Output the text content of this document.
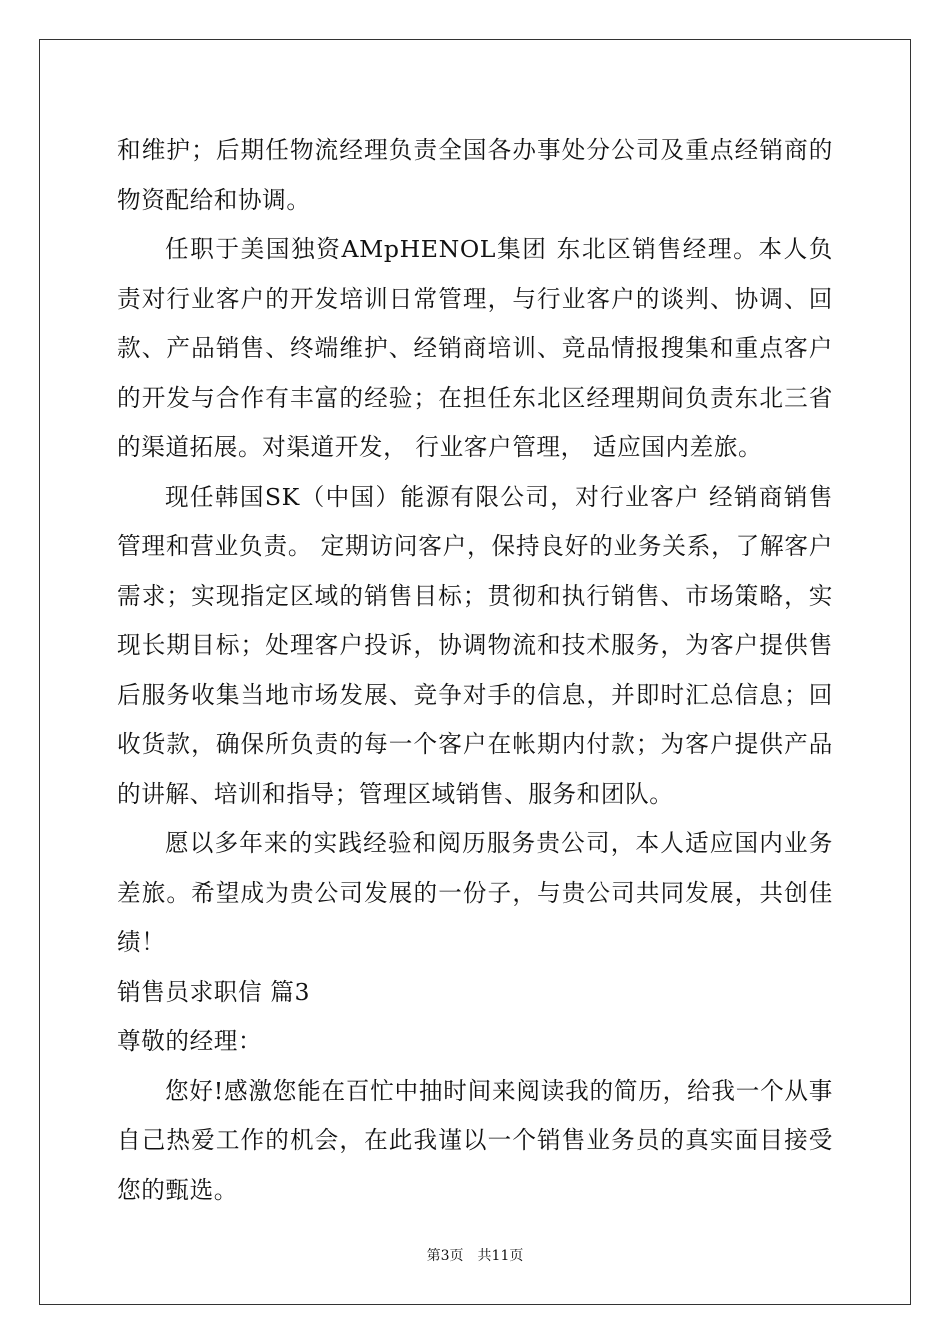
和维护；后期任物流经理负责全国各办事处分公司及重点经销商的物资配给和协调。

任职于美国独资AMpHENOL集团 东北区销售经理。本人负责对行业客户的开发培训日常管理，与行业客户的谈判、协调、回款、产品销售、终端维护、经销商培训、竞品情报搜集和重点客户的开发与合作有丰富的经验；在担任东北区经理期间负责东北三省的渠道拓展。对渠道开发， 行业客户管理， 适应国内差旅。

现任韩国SK（中国）能源有限公司，对行业客户 经销商销售管理和营业负责。 定期访问客户，保持良好的业务关系，了解客户需求；实现指定区域的销售目标；贯彻和执行销售、市场策略，实现长期目标；处理客户投诉，协调物流和技术服务，为客户提供售后服务收集当地市场发展、竞争对手的信息，并即时汇总信息；回收货款，确保所负责的每一个客户在帐期内付款；为客户提供产品的讲解、培训和指导；管理区域销售、服务和团队。

愿以多年来的实践经验和阅历服务贵公司，本人适应国内业务差旅。希望成为贵公司发展的一份子，与贵公司共同发展，共创佳绩！

销售员求职信 篇3

尊敬的经理：

您好!感激您能在百忙中抽时间来阅读我的简历，给我一个从事自己热爱工作的机会，在此我谨以一个销售业务员的真实面目接受您的甄选。

第3页　共11页
